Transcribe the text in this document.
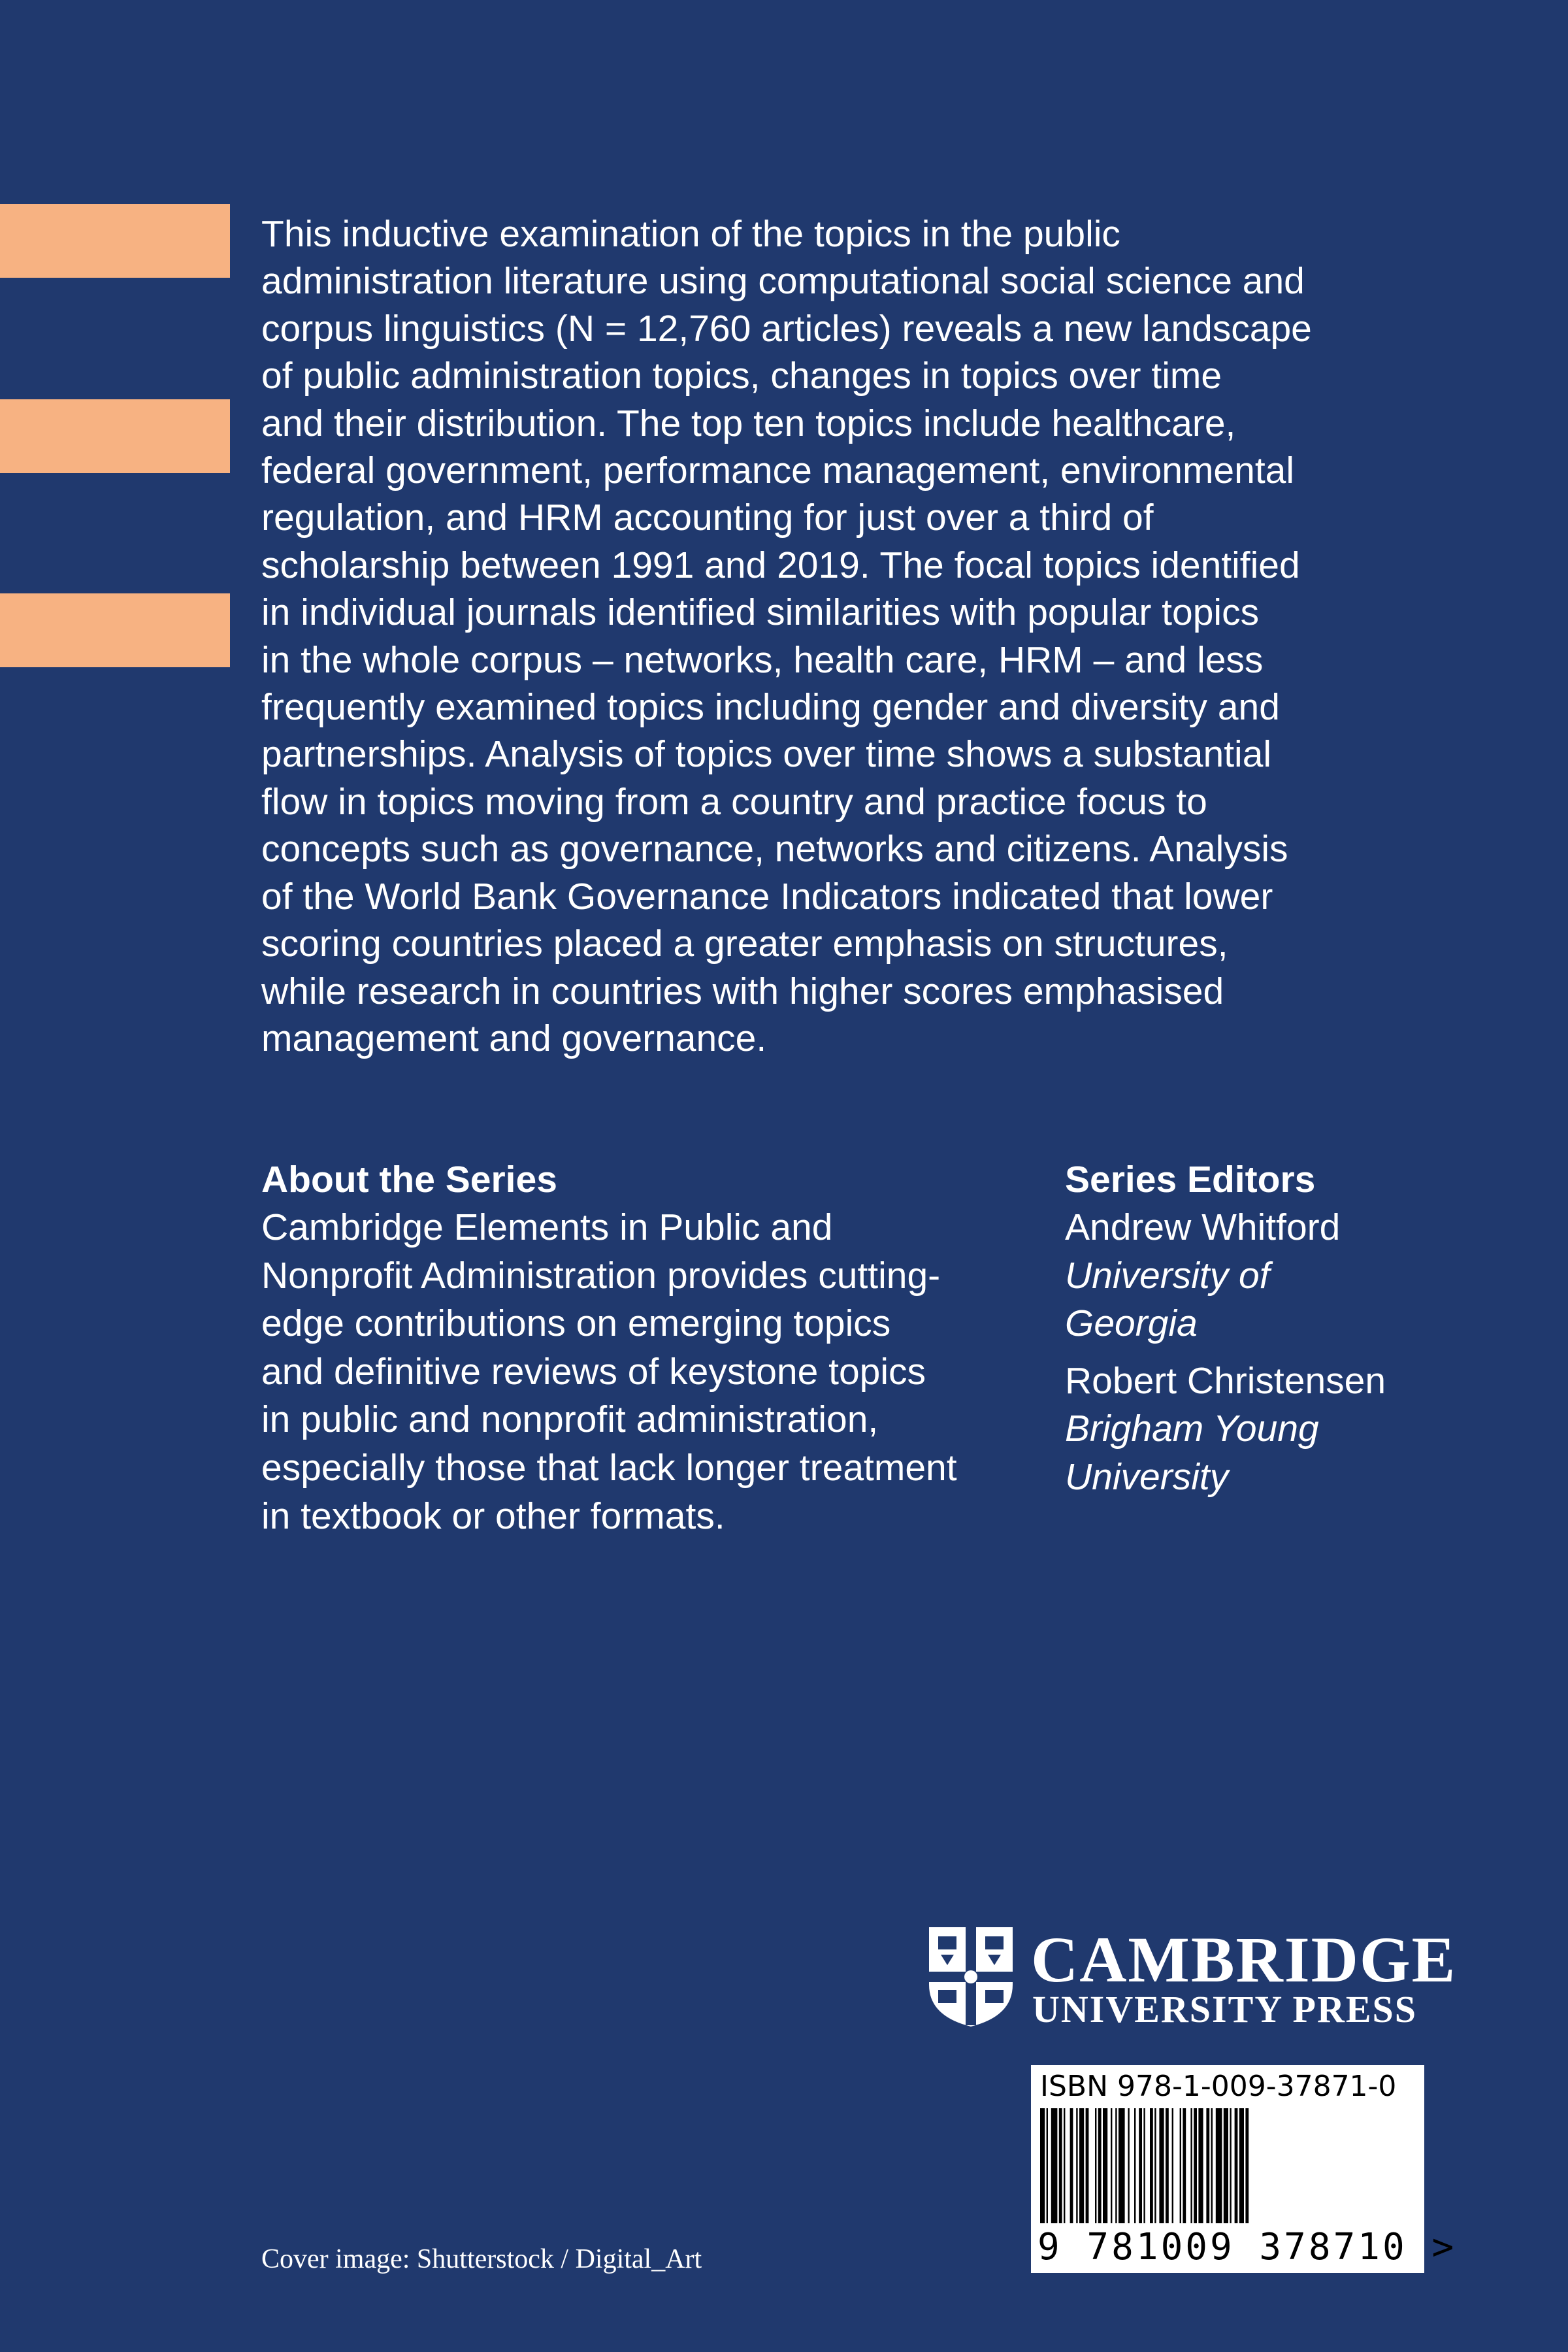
This inductive examination of the topics in the public
administration literature using computational social science and
corpus linguistics (N = 12,760 articles) reveals a new landscape
of public administration topics, changes in topics over time
and their distribution. The top ten topics include healthcare,
federal government, performance management, environmental
regulation, and HRM accounting for just over a third of
scholarship between 1991 and 2019. The focal topics identified
in individual journals identified similarities with popular topics
in the whole corpus – networks, health care, HRM – and less
frequently examined topics including gender and diversity and
partnerships. Analysis of topics over time shows a substantial
flow in topics moving from a country and practice focus to
concepts such as governance, networks and citizens. Analysis
of the World Bank Governance Indicators indicated that lower
scoring countries placed a greater emphasis on structures,
while research in countries with higher scores emphasised
management and governance.

About the Series

Cambridge Elements in Public and
Nonprofit Administration provides cutting-
edge contributions on emerging topics
and definitive reviews of keystone topics
in public and nonprofit administration,
especially those that lack longer treatment
in textbook or other formats.

Series Editors

Andrew Whitford
University of
Georgia
Robert Christensen
Brigham Young
University

CAMBRIDGE

UNIVERSITY PRESS

ISBN 978-1-009-37871-0

9 781009 378710 >

Cover image: Shutterstock / Digital_Art
